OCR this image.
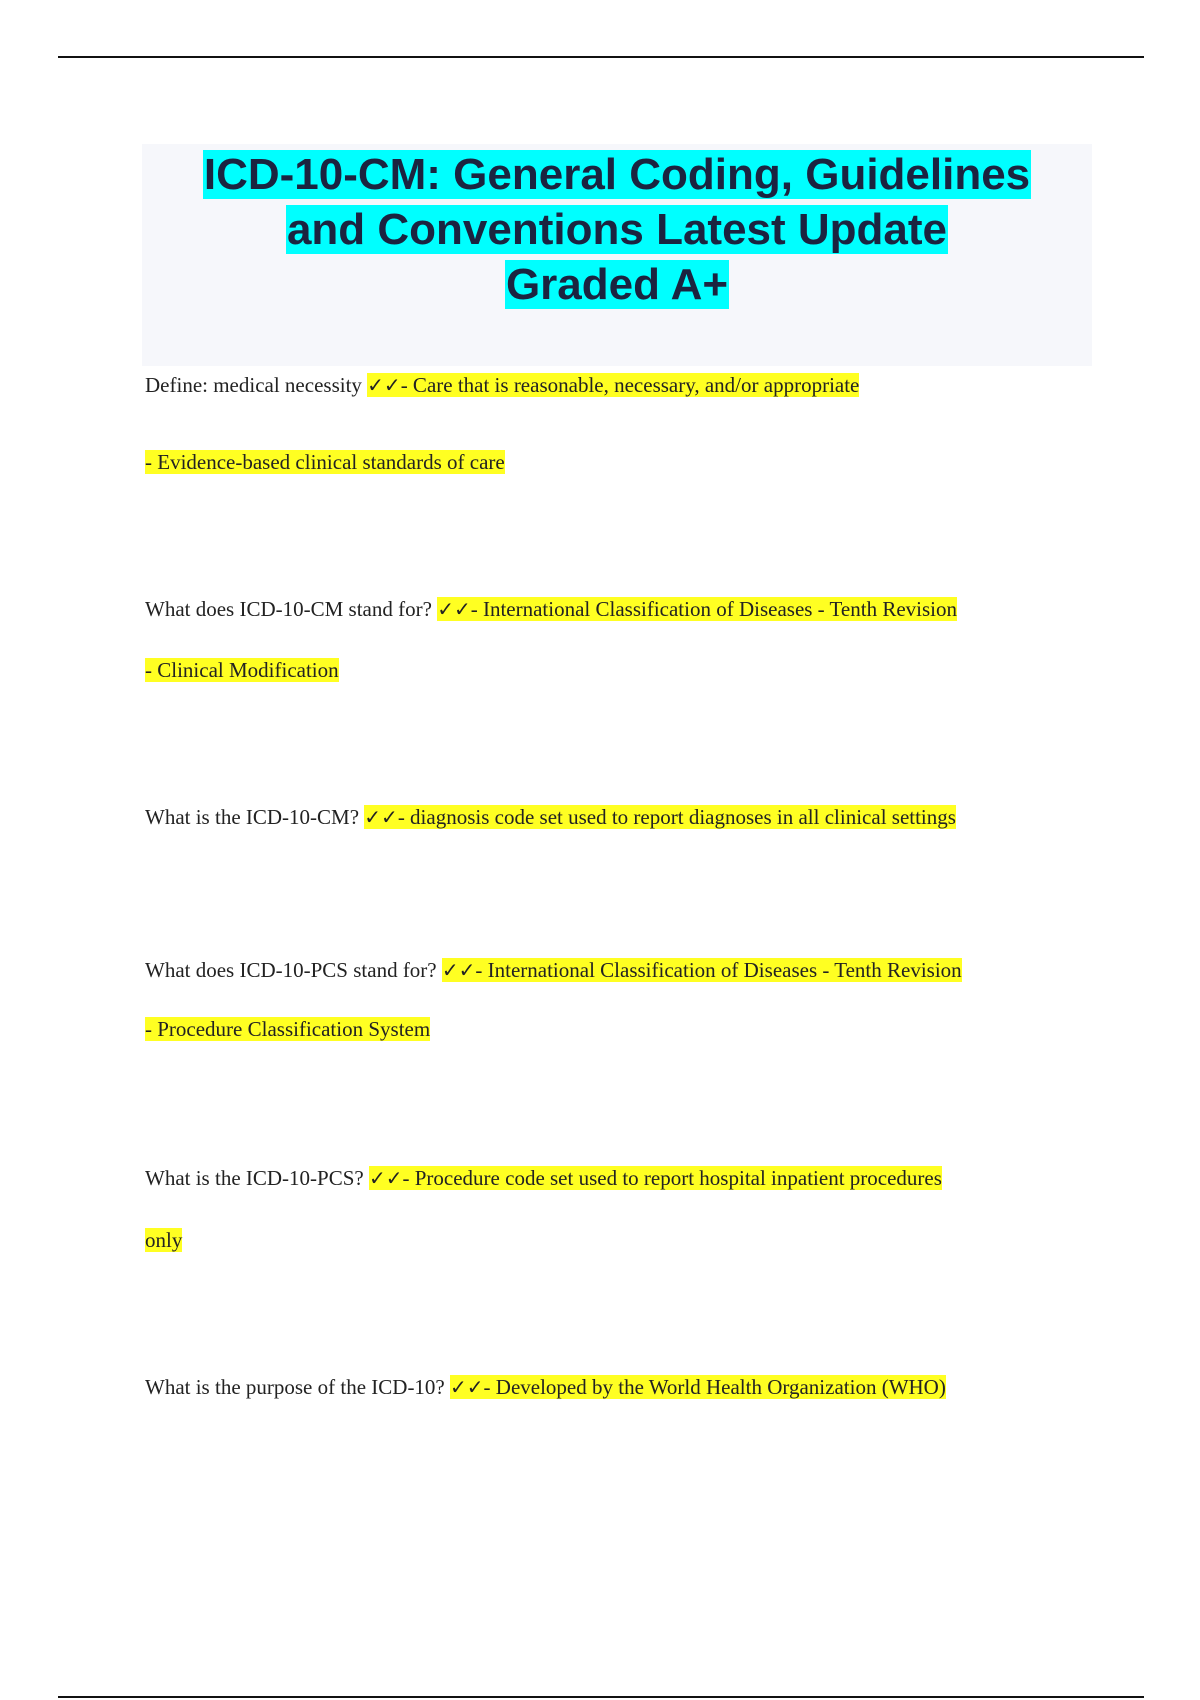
ICD-10-CM: General Coding, Guidelines
and Conventions Latest Update
Graded A+

Define: medical necessity ✓✓- Care that is reasonable, necessary, and/or appropriate

- Evidence-based clinical standards of care

What does ICD-10-CM stand for? ✓✓- International Classification of Diseases - Tenth Revision

- Clinical Modification

What is the ICD-10-CM? ✓✓- diagnosis code set used to report diagnoses in all clinical settings

What does ICD-10-PCS stand for? ✓✓- International Classification of Diseases - Tenth Revision

- Procedure Classification System

What is the ICD-10-PCS? ✓✓- Procedure code set used to report hospital inpatient procedures

only

What is the purpose of the ICD-10? ✓✓- Developed by the World Health Organization (WHO)
